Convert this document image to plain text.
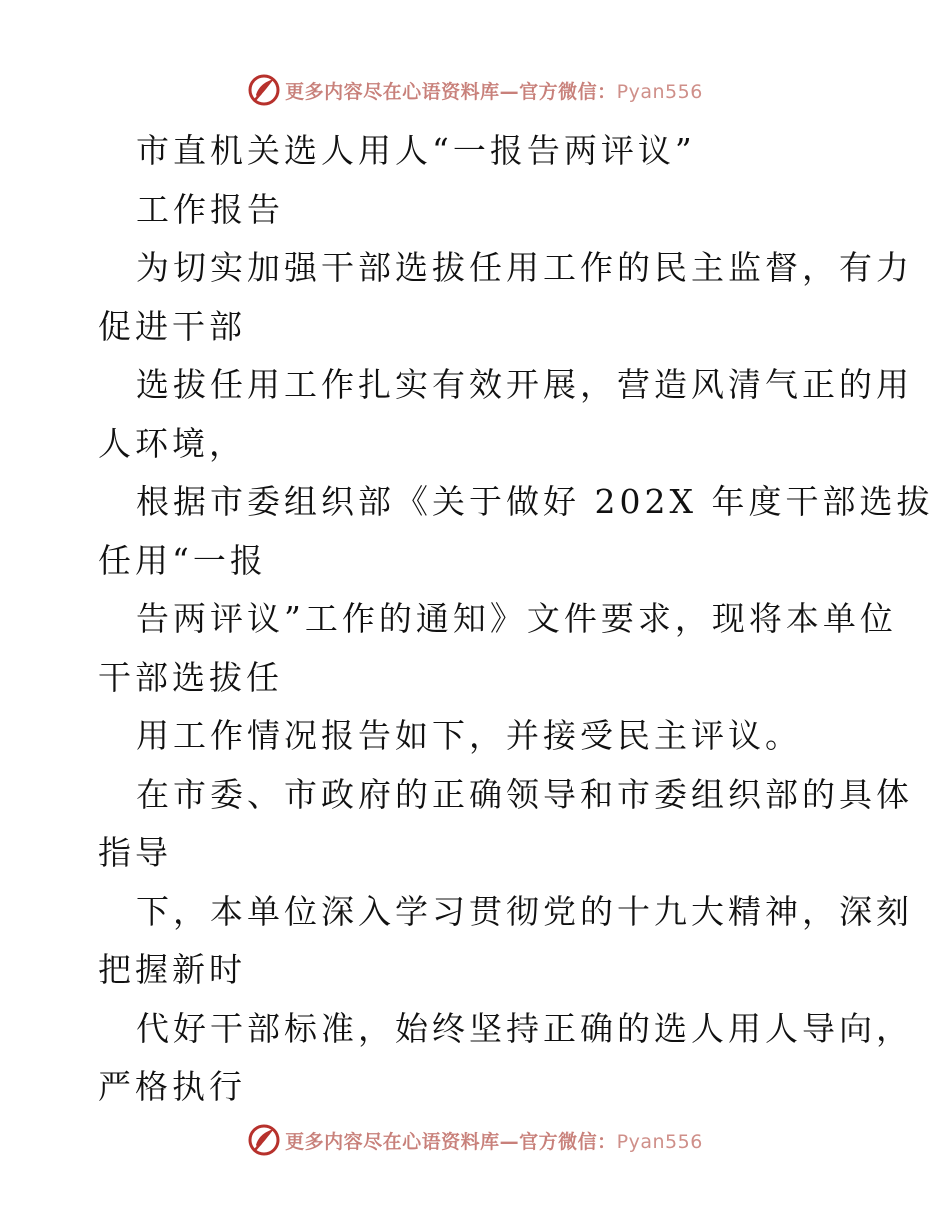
更多内容尽在心语资料库—官方微信：Pyan556
市直机关选人用人“一报告两评议”
工作报告
为切实加强干部选拔任用工作的民主监督，有力
促进干部
选拔任用工作扎实有效开展，营造风清气正的用
人环境，
根据市委组织部《关于做好 202X 年度干部选拔
任用“一报
告两评议”工作的通知》文件要求，现将本单位
干部选拔任
用工作情况报告如下，并接受民主评议。
在市委、市政府的正确领导和市委组织部的具体
指导
下，本单位深入学习贯彻党的十九大精神，深刻
把握新时
代好干部标准，始终坚持正确的选人用人导向，
严格执行
更多内容尽在心语资料库—官方微信：Pyan556
